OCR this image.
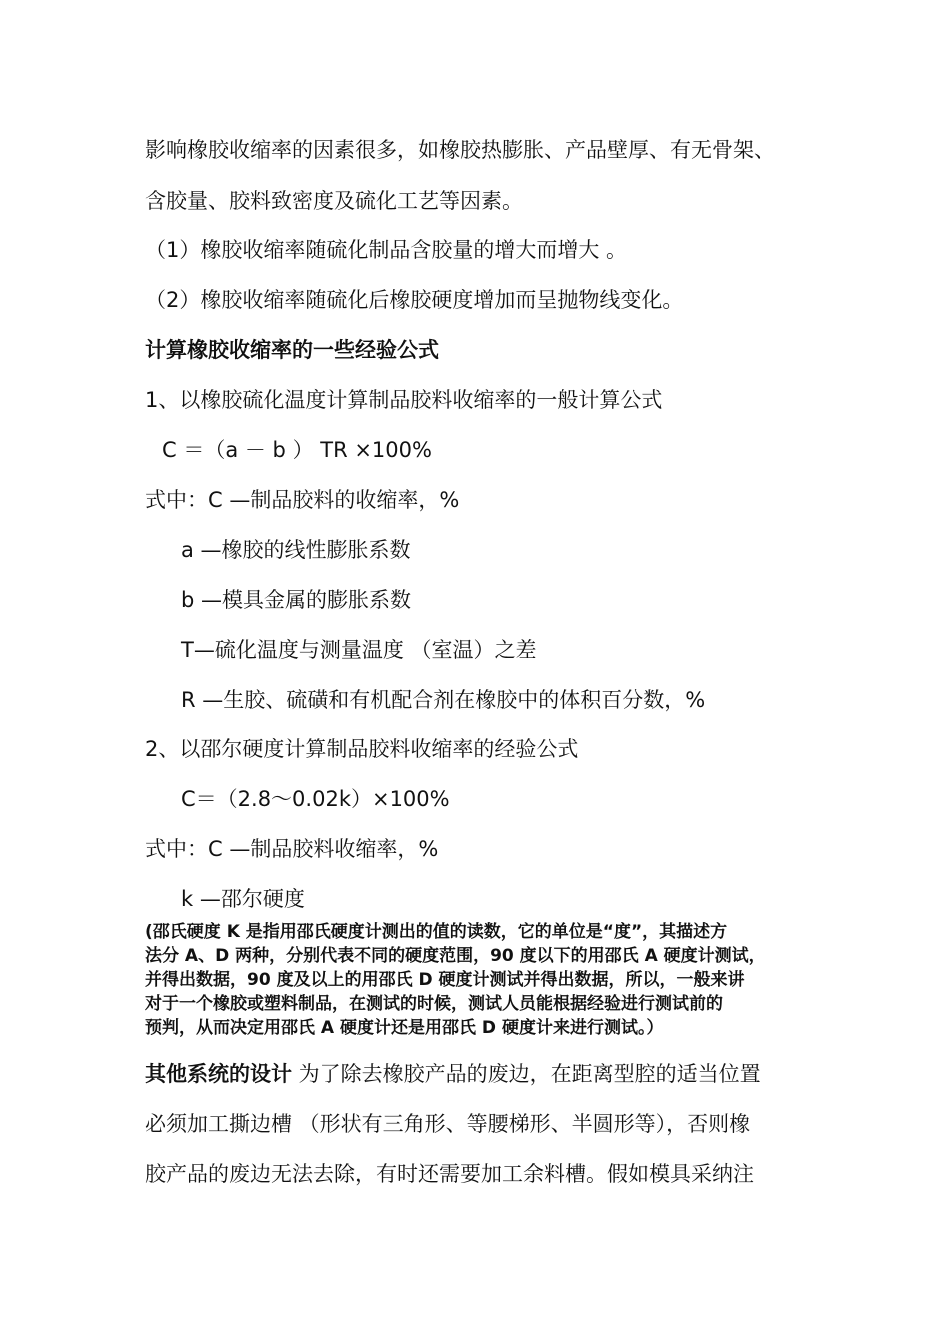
影响橡胶收缩率的因素很多，如橡胶热膨胀、产品壁厚、有无骨架、
含胶量、胶料致密度及硫化工艺等因素。
（1）橡胶收缩率随硫化制品含胶量的增大而增大 。
（2）橡胶收缩率随硫化后橡胶硬度增加而呈抛物线变化。
计算橡胶收缩率的一些经验公式
1、以橡胶硫化温度计算制品胶料收缩率的一般计算公式
C ＝（a － b ） TR ×100%
式中：C —制品胶料的收缩率，%
a —橡胶的线性膨胀系数
b —模具金属的膨胀系数
T—硫化温度与测量温度 （室温）之差
R —生胶、硫磺和有机配合剂在橡胶中的体积百分数，%
2、以邵尔硬度计算制品胶料收缩率的经验公式
C＝（2.8～0.02k）×100%
式中：C —制品胶料收缩率，%
k —邵尔硬度
(邵氏硬度 K 是指用邵氏硬度计测出的值的读数，它的单位是“度”，其描述方
法分 A、D 两种，分别代表不同的硬度范围，90 度以下的用邵氏 A 硬度计测试，
并得出数据，90 度及以上的用邵氏 D 硬度计测试并得出数据，所以，一般来讲
对于一个橡胶或塑料制品，在测试的时候，测试人员能根据经验进行测试前的
预判，从而决定用邵氏 A 硬度计还是用邵氏 D 硬度计来进行测试。）
其他系统的设计 为了除去橡胶产品的废边，在距离型腔的适当位置
必须加工撕边槽 （形状有三角形、等腰梯形、半圆形等），否则橡
胶产品的废边无法去除，有时还需要加工余料槽。假如模具采纳注
